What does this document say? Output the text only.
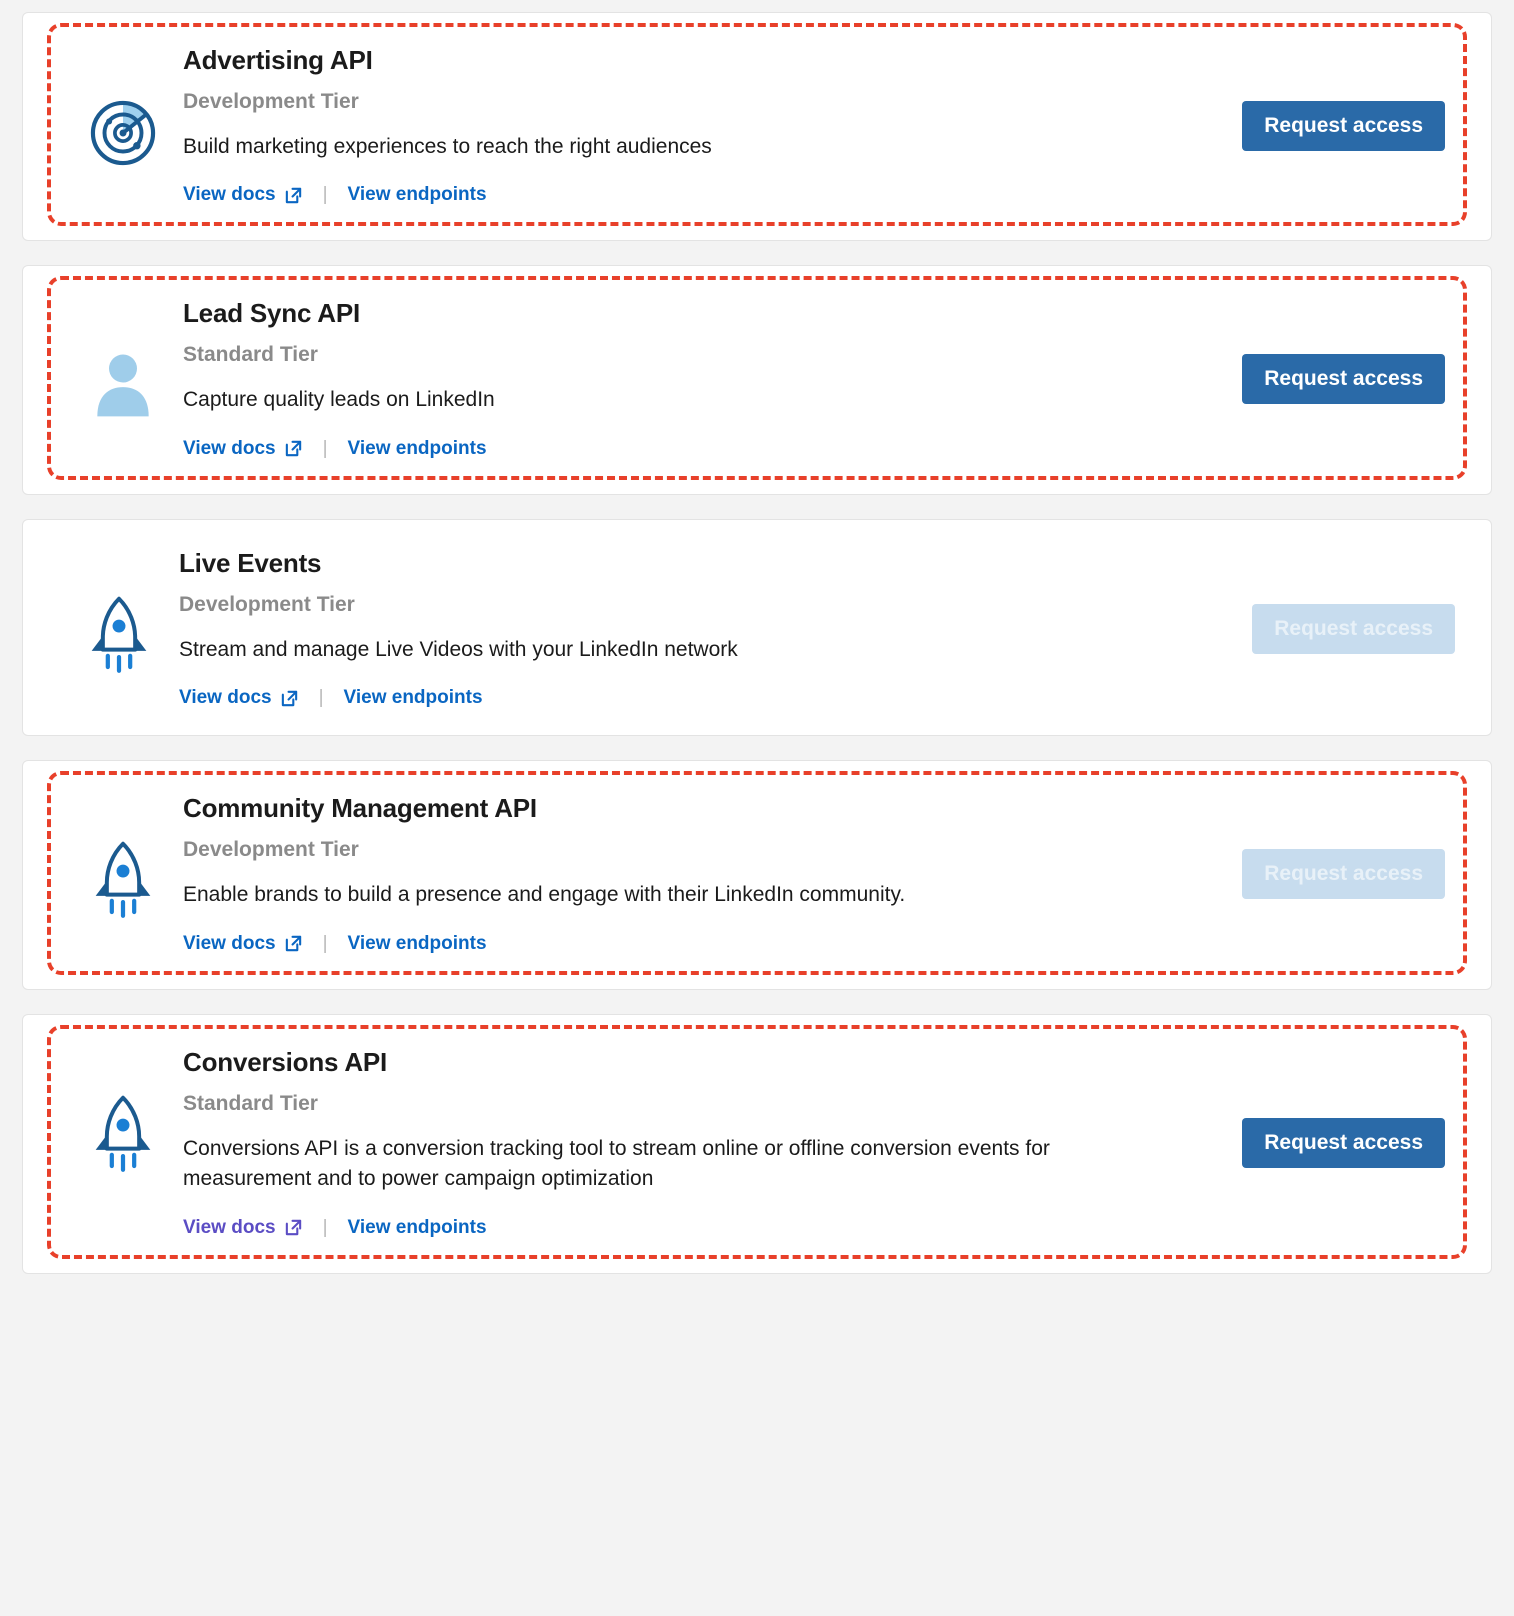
Advertising API
Development Tier
Build marketing experiences to reach the right audiences
View docs | View endpoints
Request access
Lead Sync API
Standard Tier
Capture quality leads on LinkedIn
View docs | View endpoints
Request access
Live Events
Development Tier
Stream and manage Live Videos with your LinkedIn network
View docs | View endpoints
Request access
Community Management API
Development Tier
Enable brands to build a presence and engage with their LinkedIn community.
View docs | View endpoints
Request access
Conversions API
Standard Tier
Conversions API is a conversion tracking tool to stream online or offline conversion events for measurement and to power campaign optimization
View docs | View endpoints
Request access
